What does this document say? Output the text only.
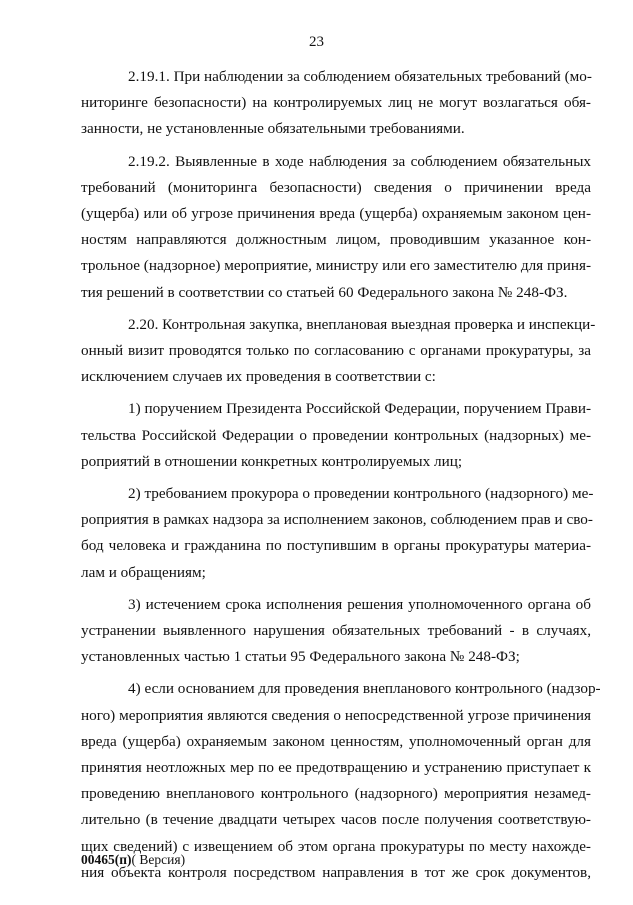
23

2.19.1. При наблюдении за соблюдением обязательных требований (мо-
ниторинге безопасности) на контролируемых лиц не могут возлагаться обя-
занности, не установленные обязательными требованиями.

2.19.2. Выявленные в ходе наблюдения за соблюдением обязательных
требований (мониторинга безопасности) сведения о причинении вреда
(ущерба) или об угрозе причинения вреда (ущерба) охраняемым законом цен-
ностям направляются должностным лицом, проводившим указанное кон-
трольное (надзорное) мероприятие, министру или его заместителю для приня-
тия решений в соответствии со статьей 60 Федерального закона № 248-ФЗ.

2.20. Контрольная закупка, внеплановая выездная проверка и инспекци-
онный визит проводятся только по согласованию с органами прокуратуры, за
исключением случаев их проведения в соответствии с:

1) поручением Президента Российской Федерации, поручением Прави-
тельства Российской Федерации о проведении контрольных (надзорных) ме-
роприятий в отношении конкретных контролируемых лиц;

2) требованием прокурора о проведении контрольного (надзорного) ме-
роприятия в рамках надзора за исполнением законов, соблюдением прав и сво-
бод человека и гражданина по поступившим в органы прокуратуры материа-
лам и обращениям;

3) истечением срока исполнения решения уполномоченного органа об
устранении выявленного нарушения обязательных требований - в случаях,
установленных частью 1 статьи 95 Федерального закона № 248-ФЗ;

4) если основанием для проведения внепланового контрольного (надзор-
ного) мероприятия являются сведения о непосредственной угрозе причинения
вреда (ущерба) охраняемым законом ценностям, уполномоченный орган для
принятия неотложных мер по ее предотвращению и устранению приступает к
проведению внепланового контрольного (надзорного) мероприятия незамед-
лительно (в течение двадцати четырех часов после получения соответствую-
щих сведений) с извещением об этом органа прокуратуры по месту нахожде-
ния объекта контроля посредством направления в тот же срок документов,

00465(п)( Версия)
